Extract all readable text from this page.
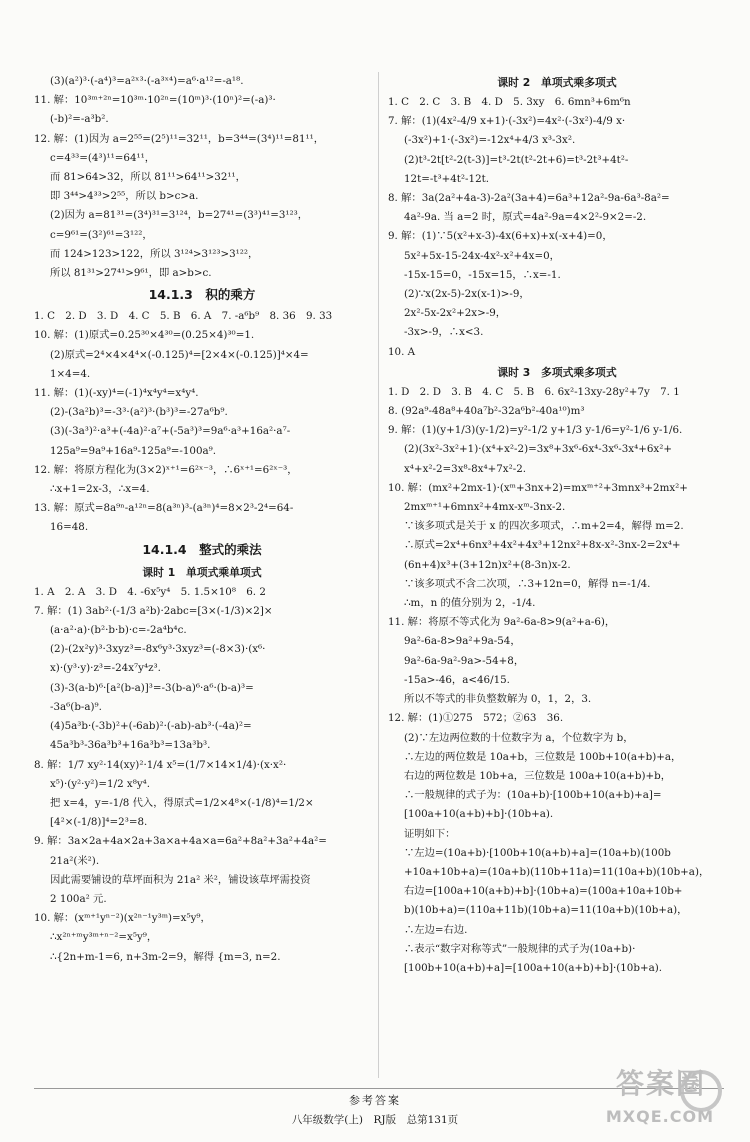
(3)(a²)³·(-a⁴)³=a²ˣ³·(-a³ˣ⁴)=a⁶·a¹²=-a¹⁸.
11. 解：10³ᵐ⁺²ⁿ=10³ᵐ·10²ⁿ=(10ᵐ)³·(10ⁿ)²=(-a)³·
(-b)²=-a³b².
12. 解：(1)因为 a=2⁵⁵=(2⁵)¹¹=32¹¹，b=3⁴⁴=(3⁴)¹¹=81¹¹，
c=4³³=(4³)¹¹=64¹¹，
而 81>64>32，所以 81¹¹>64¹¹>32¹¹，
即 3⁴⁴>4³³>2⁵⁵，所以 b>c>a.
(2)因为 a=81³¹=(3⁴)³¹=3¹²⁴，b=27⁴¹=(3³)⁴¹=3¹²³，
c=9⁶¹=(3²)⁶¹=3¹²²，
而 124>123>122，所以 3¹²⁴>3¹²³>3¹²²，
所以 81³¹>27⁴¹>9⁶¹，即 a>b>c.
14.1.3　积的乘方
1. C　2. D　3. D　4. C　5. B　6. A　7. -a⁶b⁹　8. 36　9. 33
10. 解：(1)原式=0.25³⁰×4³⁰=(0.25×4)³⁰=1.
(2)原式=2⁴×4×4⁴×(-0.125)⁴=[2×4×(-0.125)]⁴×4=
1×4=4.
11. 解：(1)(-xy)⁴=(-1)⁴x⁴y⁴=x⁴y⁴.
(2)-(3a²b)³=-3³·(a²)³·(b³)³=-27a⁶b⁹.
(3)(-3a³)²·a³+(-4a)²·a⁷+(-5a³)³=9a⁶·a³+16a²·a⁷-
125a⁹=9a⁹+16a⁹-125a⁹=-100a⁹.
12. 解：将原方程化为(3×2)ˣ⁺¹=6²ˣ⁻³，∴6ˣ⁺¹=6²ˣ⁻³，
∴x+1=2x-3，∴x=4.
13. 解：原式=8a⁹ⁿ-a¹²ⁿ=8(a³ⁿ)³-(a³ⁿ)⁴=8×2³-2⁴=64-
16=48.
14.1.4　整式的乘法
课时 1　单项式乘单项式
1. A　2. A　3. D　4. -6x⁵y⁴　5. 1.5×10⁸　6. 2
7. 解：(1) 3ab²·(-1/3 a²b)·2abc=[3×(-1/3)×2]×
(a·a²·a)·(b²·b·b)·c=-2a⁴b⁴c.
(2)-(2x²y)³·3xyz³=-8x⁶y³·3xyz³=(-8×3)·(x⁶·
x)·(y³·y)·z³=-24x⁷y⁴z³.
(3)-3(a-b)⁶·[a²(b-a)]³=-3(b-a)⁶·a⁶·(b-a)³=
-3a⁶(b-a)⁹.
(4)5a³b·(-3b)²+(-6ab)²·(-ab)-ab³·(-4a)²=
45a³b³-36a³b³+16a³b³=13a³b³.
8. 解：1/7 xy²·14(xy)²·1/4 x⁵=(1/7×14×1/4)·(x·x²·
x⁵)·(y²·y²)=1/2 x⁸y⁴.
把 x=4，y=-1/8 代入，得原式=1/2×4⁸×(-1/8)⁴=1/2×
[4²×(-1/8)]⁴=2³=8.
9. 解：3a×2a+4a×2a+3a×a+4a×a=6a²+8a²+3a²+4a²=
21a²(米²).
因此需要铺设的草坪面积为 21a² 米²，铺设该草坪需投资
2 100a² 元.
10. 解：(xᵐ⁺¹yⁿ⁻²)(x²ⁿ⁻¹y³ᵐ)=x⁵y⁹，
∴x²ⁿ⁺ᵐy³ᵐ⁺ⁿ⁻²=x⁵y⁹，
∴{2n+m-1=6, n+3m-2=9，解得 {m=3, n=2.
课时 2　单项式乘多项式
1. C　2. C　3. B　4. D　5. 3xy　6. 6mn³+6m⁶n
7. 解：(1)(4x²-4/9 x+1)·(-3x²)=4x²·(-3x²)-4/9 x·
(-3x²)+1·(-3x²)=-12x⁴+4/3 x³-3x².
(2)t³-2t[t²-2(t-3)]=t³-2t(t²-2t+6)=t³-2t³+4t²-
12t=-t³+4t²-12t.
8. 解：3a(2a²+4a-3)-2a²(3a+4)=6a³+12a²-9a-6a³-8a²=
4a²-9a. 当 a=2 时，原式=4a²-9a=4×2²-9×2=-2.
9. 解：(1)∵5(x²+x-3)-4x(6+x)+x(-x+4)=0，
5x²+5x-15-24x-4x²-x²+4x=0，
-15x-15=0，-15x=15，∴x=-1.
(2)∵x(2x-5)-2x(x-1)>-9，
2x²-5x-2x²+2x>-9，
-3x>-9，∴x<3.
10. A
课时 3　多项式乘多项式
1. D　2. D　3. B　4. C　5. B　6. 6x²-13xy-28y²+7y　7. 1
8. (92a⁹-48a⁸+40a⁷b²-32a⁶b²-40a¹⁰)m³
9. 解：(1)(y+1/3)(y-1/2)=y²-1/2 y+1/3 y-1/6=y²-1/6 y-1/6.
(2)(3x²-3x²+1)·(x⁴+x²-2)=3x⁸+3x⁶-6x⁴-3x⁶-3x⁴+6x²+
x⁴+x²-2=3x⁸-8x⁴+7x²-2.
10. 解：(mx²+2mx-1)·(xᵐ+3nx+2)=mxᵐ⁺²+3mnx³+2mx²+
2mxᵐ⁺¹+6mnx²+4mx-xᵐ-3nx-2.
∵该多项式是关于 x 的四次多项式，∴m+2=4，解得 m=2.
∴原式=2x⁴+6nx³+4x²+4x³+12nx²+8x-x²-3nx-2=2x⁴+
(6n+4)x³+(3+12n)x²+(8-3n)x-2.
∵该多项式不含二次项，∴3+12n=0，解得 n=-1/4.
∴m，n 的值分别为 2，-1/4.
11. 解：将原不等式化为 9a²-6a-8>9(a²+a-6)，
9a²-6a-8>9a²+9a-54，
9a²-6a-9a²-9a>-54+8，
-15a>-46，a<46/15.
所以不等式的非负整数解为 0，1，2，3.
12. 解：(1)①275　572；②63　36.
(2)∵左边两位数的十位数字为 a，个位数字为 b，
∴左边的两位数是 10a+b，三位数是 100b+10(a+b)+a，
右边的两位数是 10b+a，三位数是 100a+10(a+b)+b，
∴一般规律的式子为：(10a+b)·[100b+10(a+b)+a]=
[100a+10(a+b)+b]·(10b+a).
证明如下：
∵左边=(10a+b)·[100b+10(a+b)+a]=(10a+b)(100b
+10a+10b+a)=(10a+b)(110b+11a)=11(10a+b)(10b+a)，
右边=[100a+10(a+b)+b]·(10b+a)=(100a+10a+10b+
b)(10b+a)=(110a+11b)(10b+a)=11(10a+b)(10b+a)，
∴左边=右边.
∴表示“数字对称等式”一般规律的式子为(10a+b)·
[100b+10(a+b)+a]=[100a+10(a+b)+b]·(10b+a).
参考答案
八年级数学(上)　RJ版　总第131页
答案圈
MXQE.COM
